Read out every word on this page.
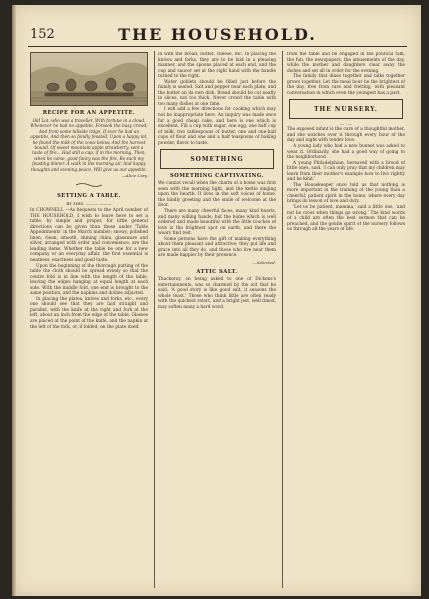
152	THE HOUSEHOLD.
RECIPE FOR AN APPETITE.

Old Lot, who was a traveller, With fortune in a cloud, Whenever he had no appetite, Forsook the busy crowd; And from some hillside ridge, If ever he had an appetite, And then so fondly feasted, Upon a happy lot, he found the milk of the cows below, And the harvest bound. Of sweet mountain apple strawberry, sent a taste of fire... Had still a cup, if in the morning, Then, when he came, good fancy was the fire, Be such my feasting dinner. A walk in the morning air, And happy thoughts and evening peace, Will give us our appetite.

—Alice Cary.
SETTING A TABLE.
BY MRS. ——— ———

In CHOWNELL —As bequests to the April number of THE HOUSEHOLD, I wish to leave here to set a table, by simple and proper, for little general directions can be given than those under 'Table Appointments' in the March number; snowy, polished linen, clean, smooth, shining china, glassware and silver, arranged with order and convenience, are the leading items. Whether the table be one for a new company or an everyday affair, the first essential is neatness, exactness and good taste.

Upon the beginning of the thorough putting of the table the cloth should be spread evenly so that the centre fold is in line with the length of the table, leaving the edges hanging at equal length at each side. With the middle fold, one end is brought to the same position, and the napkins and doilies adjusted.

In placing the plates, knives and forks, etc., every one should see that they are laid straight and parallel, with the knife at the right and fork at the left, about an inch from the edge of the table. Glasses are placed at the point of the knife, and the napkin at the left of the fork, or, if folded, on the plate itself.

in with the bread, butter, cheese, etc. In placing the knives and forks, they are to be laid in a pleasing manner, and the spoons placed at each end, and the cup and saucer set at the right hand with the handle turned to the right.

Water goblets should be filled just before the family is seated. Salt and pepper near each plate, and the butter on its own dish. Bread should be cut neatly in slices, not too thick. Never crowd the table with too many dishes at one time.

I will add a few directions for cooking which may not be inappropriate here. An inquiry was made once for a good cheap cake, and here is one which is excellent. Fill a cup with sugar, one egg, one half cup of milk, two tablespoons of butter, one and one-half cups of flour and one and a half teaspoons of baking powder, flavor to taste.

SOMETHING
SOMETHING CAPTIVATING.

We cannot recall when the charm of a home was first seen with the morning light, and the kettle singing upon the hearth. It lives in the soft voices of home, the kindly greeting and the smile of welcome at the door.

There are many cheerful faces, many kind hearts, and many willing hands; but the home which is well ordered and made beautiful with the little touches of love is the brightest spot on earth, and there the weary find rest.

Some persons have the gift of making everything about them pleasant and attractive; they put life and grace into all they do, and those who live near them are made happier by their presence.

—Selected.
ATTIC SALT.

Thackeray, on being asked to one of Dickens's entertainments, was so charmed by the wit that he said, 'A good story is like good salt, it seasons the whole feast.' Those who think little are often ready with the quickest retort, and a bright jest, well timed, may soften many a hard word.

from the table and be engaged in the political talk, the fun, the newspapers, the amusements of the day, while the mother and daughters clear away the dishes and set all in order for the evening.

The family that dines together and talks together grows together. Let the meal hour be the brightest of the day, free from care and fretting, with pleasant conversation in which even the youngest has a part.

THE NURSERY.
— · —

The exposed infant is the care of a thoughtful mother, and she watches over it through every hour of the day and night with tender love.

A young lady who had a new bonnet was asked to wear it. Ordinarily, she had a good way of going to the neighborhood.

A young Philadelphian, bereaved with a brood of little ones, said, 'I can only pray that my children may learn from their mother's example how to live rightly and be kind.'

The Housekeeper once told us that nothing is more important in the training of the young than a cheerful, patient spirit in the home, where every day brings its lesson of love and duty.

'Let us be patient, mamma,' said a little one, 'and not be cross when things go wrong.' The kind words of a child are often the best sermon that can be preached, and the gentle spirit of the nursery follows us through all the years of life.
